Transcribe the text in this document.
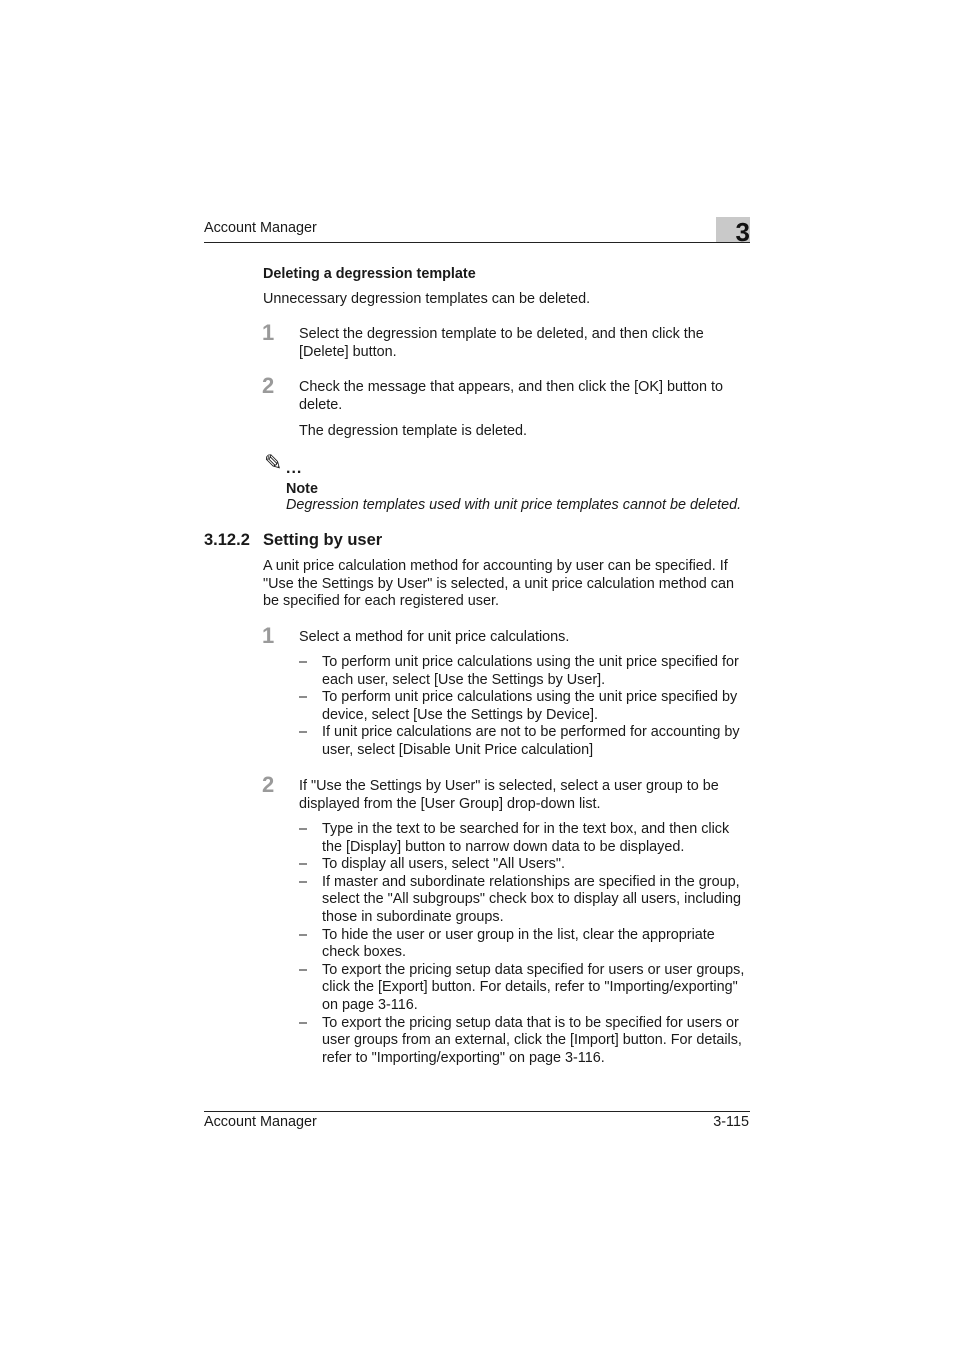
Account Manager	3
Deleting a degression template
Unnecessary degression templates can be deleted.
1 Select the degression template to be deleted, and then click the [Delete] button.
2 Check the message that appears, and then click the [OK] button to delete.
The degression template is deleted.
✎ ...
Note
Degression templates used with unit price templates cannot be deleted.
3.12.2 Setting by user
A unit price calculation method for accounting by user can be specified. If "Use the Settings by User" is selected, a unit price calculation method can be specified for each registered user.
1 Select a method for unit price calculations.
– To perform unit price calculations using the unit price specified for each user, select [Use the Settings by User].
– To perform unit price calculations using the unit price specified by device, select [Use the Settings by Device].
– If unit price calculations are not to be performed for accounting by user, select [Disable Unit Price calculation]
2 If "Use the Settings by User" is selected, select a user group to be displayed from the [User Group] drop-down list.
– Type in the text to be searched for in the text box, and then click the [Display] button to narrow down data to be displayed.
– To display all users, select "All Users".
– If master and subordinate relationships are specified in the group, select the "All subgroups" check box to display all users, including those in subordinate groups.
– To hide the user or user group in the list, clear the appropriate check boxes.
– To export the pricing setup data specified for users or user groups, click the [Export] button. For details, refer to "Importing/exporting" on page 3-116.
– To export the pricing setup data that is to be specified for users or user groups from an external, click the [Import] button. For details, refer to "Importing/exporting" on page 3-116.
Account Manager	3-115
